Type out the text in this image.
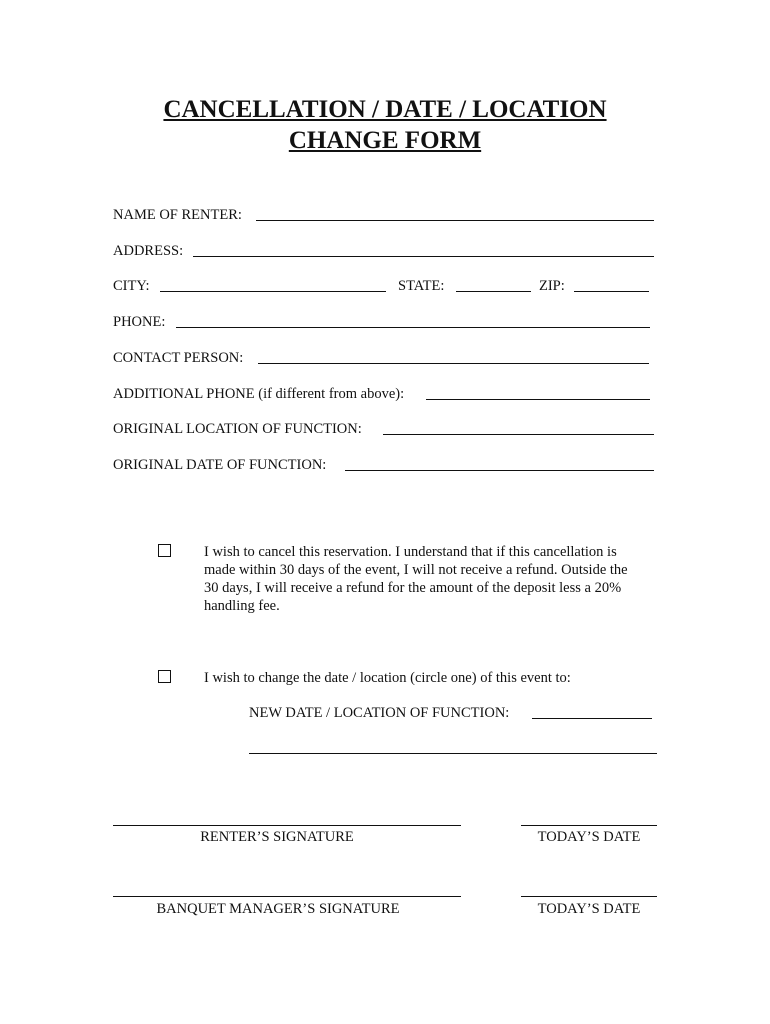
CANCELLATION / DATE / LOCATION
CHANGE FORM
NAME OF RENTER:
ADDRESS:
CITY:	STATE:	ZIP:
PHONE:
CONTACT PERSON:
ADDITIONAL PHONE (if different from above):
ORIGINAL LOCATION OF FUNCTION:
ORIGINAL DATE OF FUNCTION:
I wish to cancel this reservation. I understand that if this cancellation is
made within 30 days of the event, I will not receive a refund. Outside the
30 days, I will receive a refund for the amount of the deposit less a 20%
handling fee.
I wish to change the date / location (circle one) of this event to:
NEW DATE / LOCATION OF FUNCTION:
RENTER’S SIGNATURE	TODAY’S DATE
BANQUET MANAGER’S SIGNATURE	TODAY’S DATE
